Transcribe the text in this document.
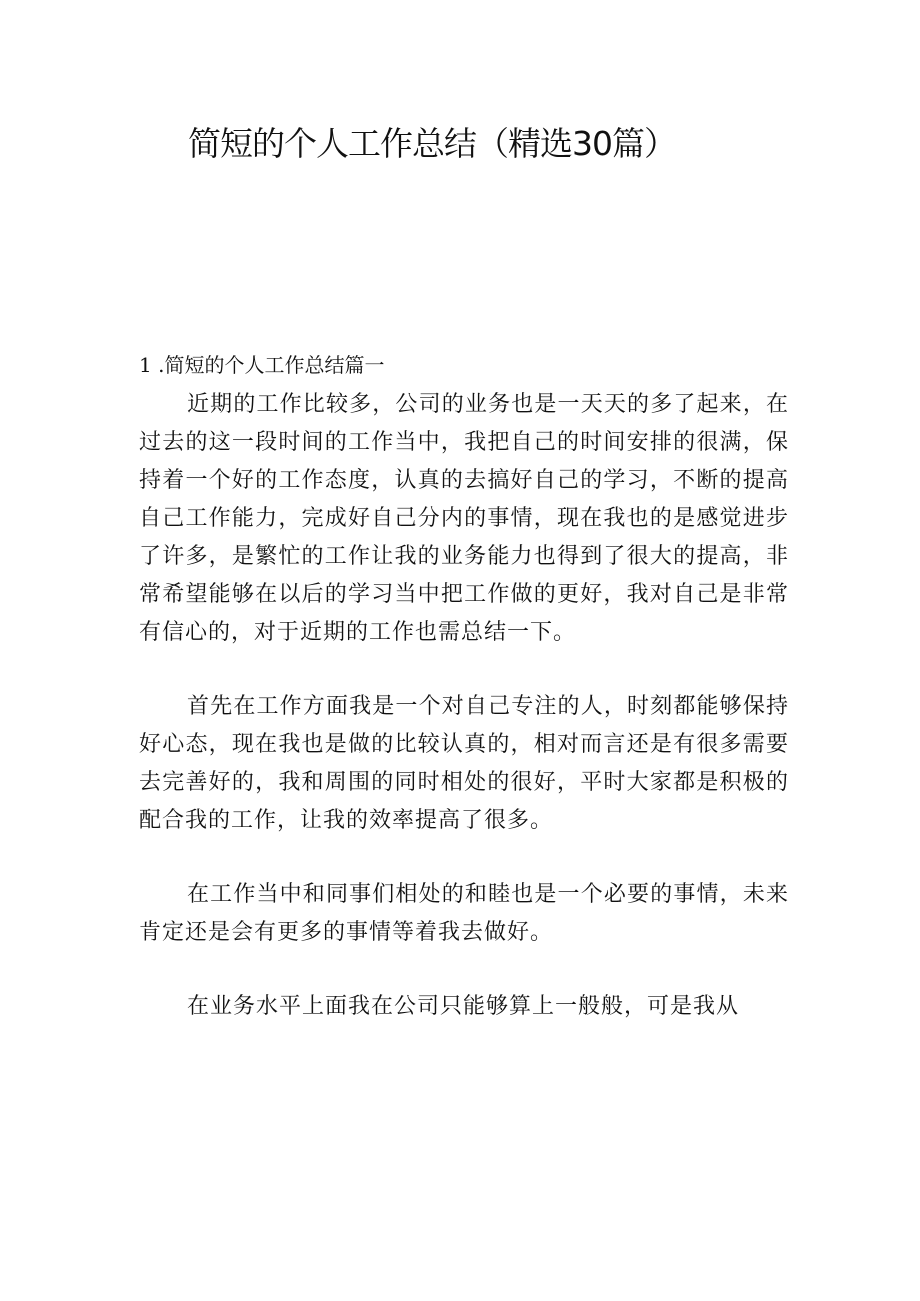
简短的个人工作总结（精选30篇）

1 .简短的个人工作总结篇一

近期的工作比较多，公司的业务也是一天天的多了起来，在过去的这一段时间的工作当中，我把自己的时间安排的很满，保持着一个好的工作态度，认真的去搞好自己的学习，不断的提高自己工作能力，完成好自己分内的事情，现在我也的是感觉进步了许多，是繁忙的工作让我的业务能力也得到了很大的提高，非常希望能够在以后的学习当中把工作做的更好，我对自己是非常有信心的，对于近期的工作也需总结一下。

首先在工作方面我是一个对自己专注的人，时刻都能够保持好心态，现在我也是做的比较认真的，相对而言还是有很多需要去完善好的，我和周围的同时相处的很好，平时大家都是积极的配合我的工作，让我的效率提高了很多。

在工作当中和同事们相处的和睦也是一个必要的事情，未来肯定还是会有更多的事情等着我去做好。

在业务水平上面我在公司只能够算上一般般，可是我从
